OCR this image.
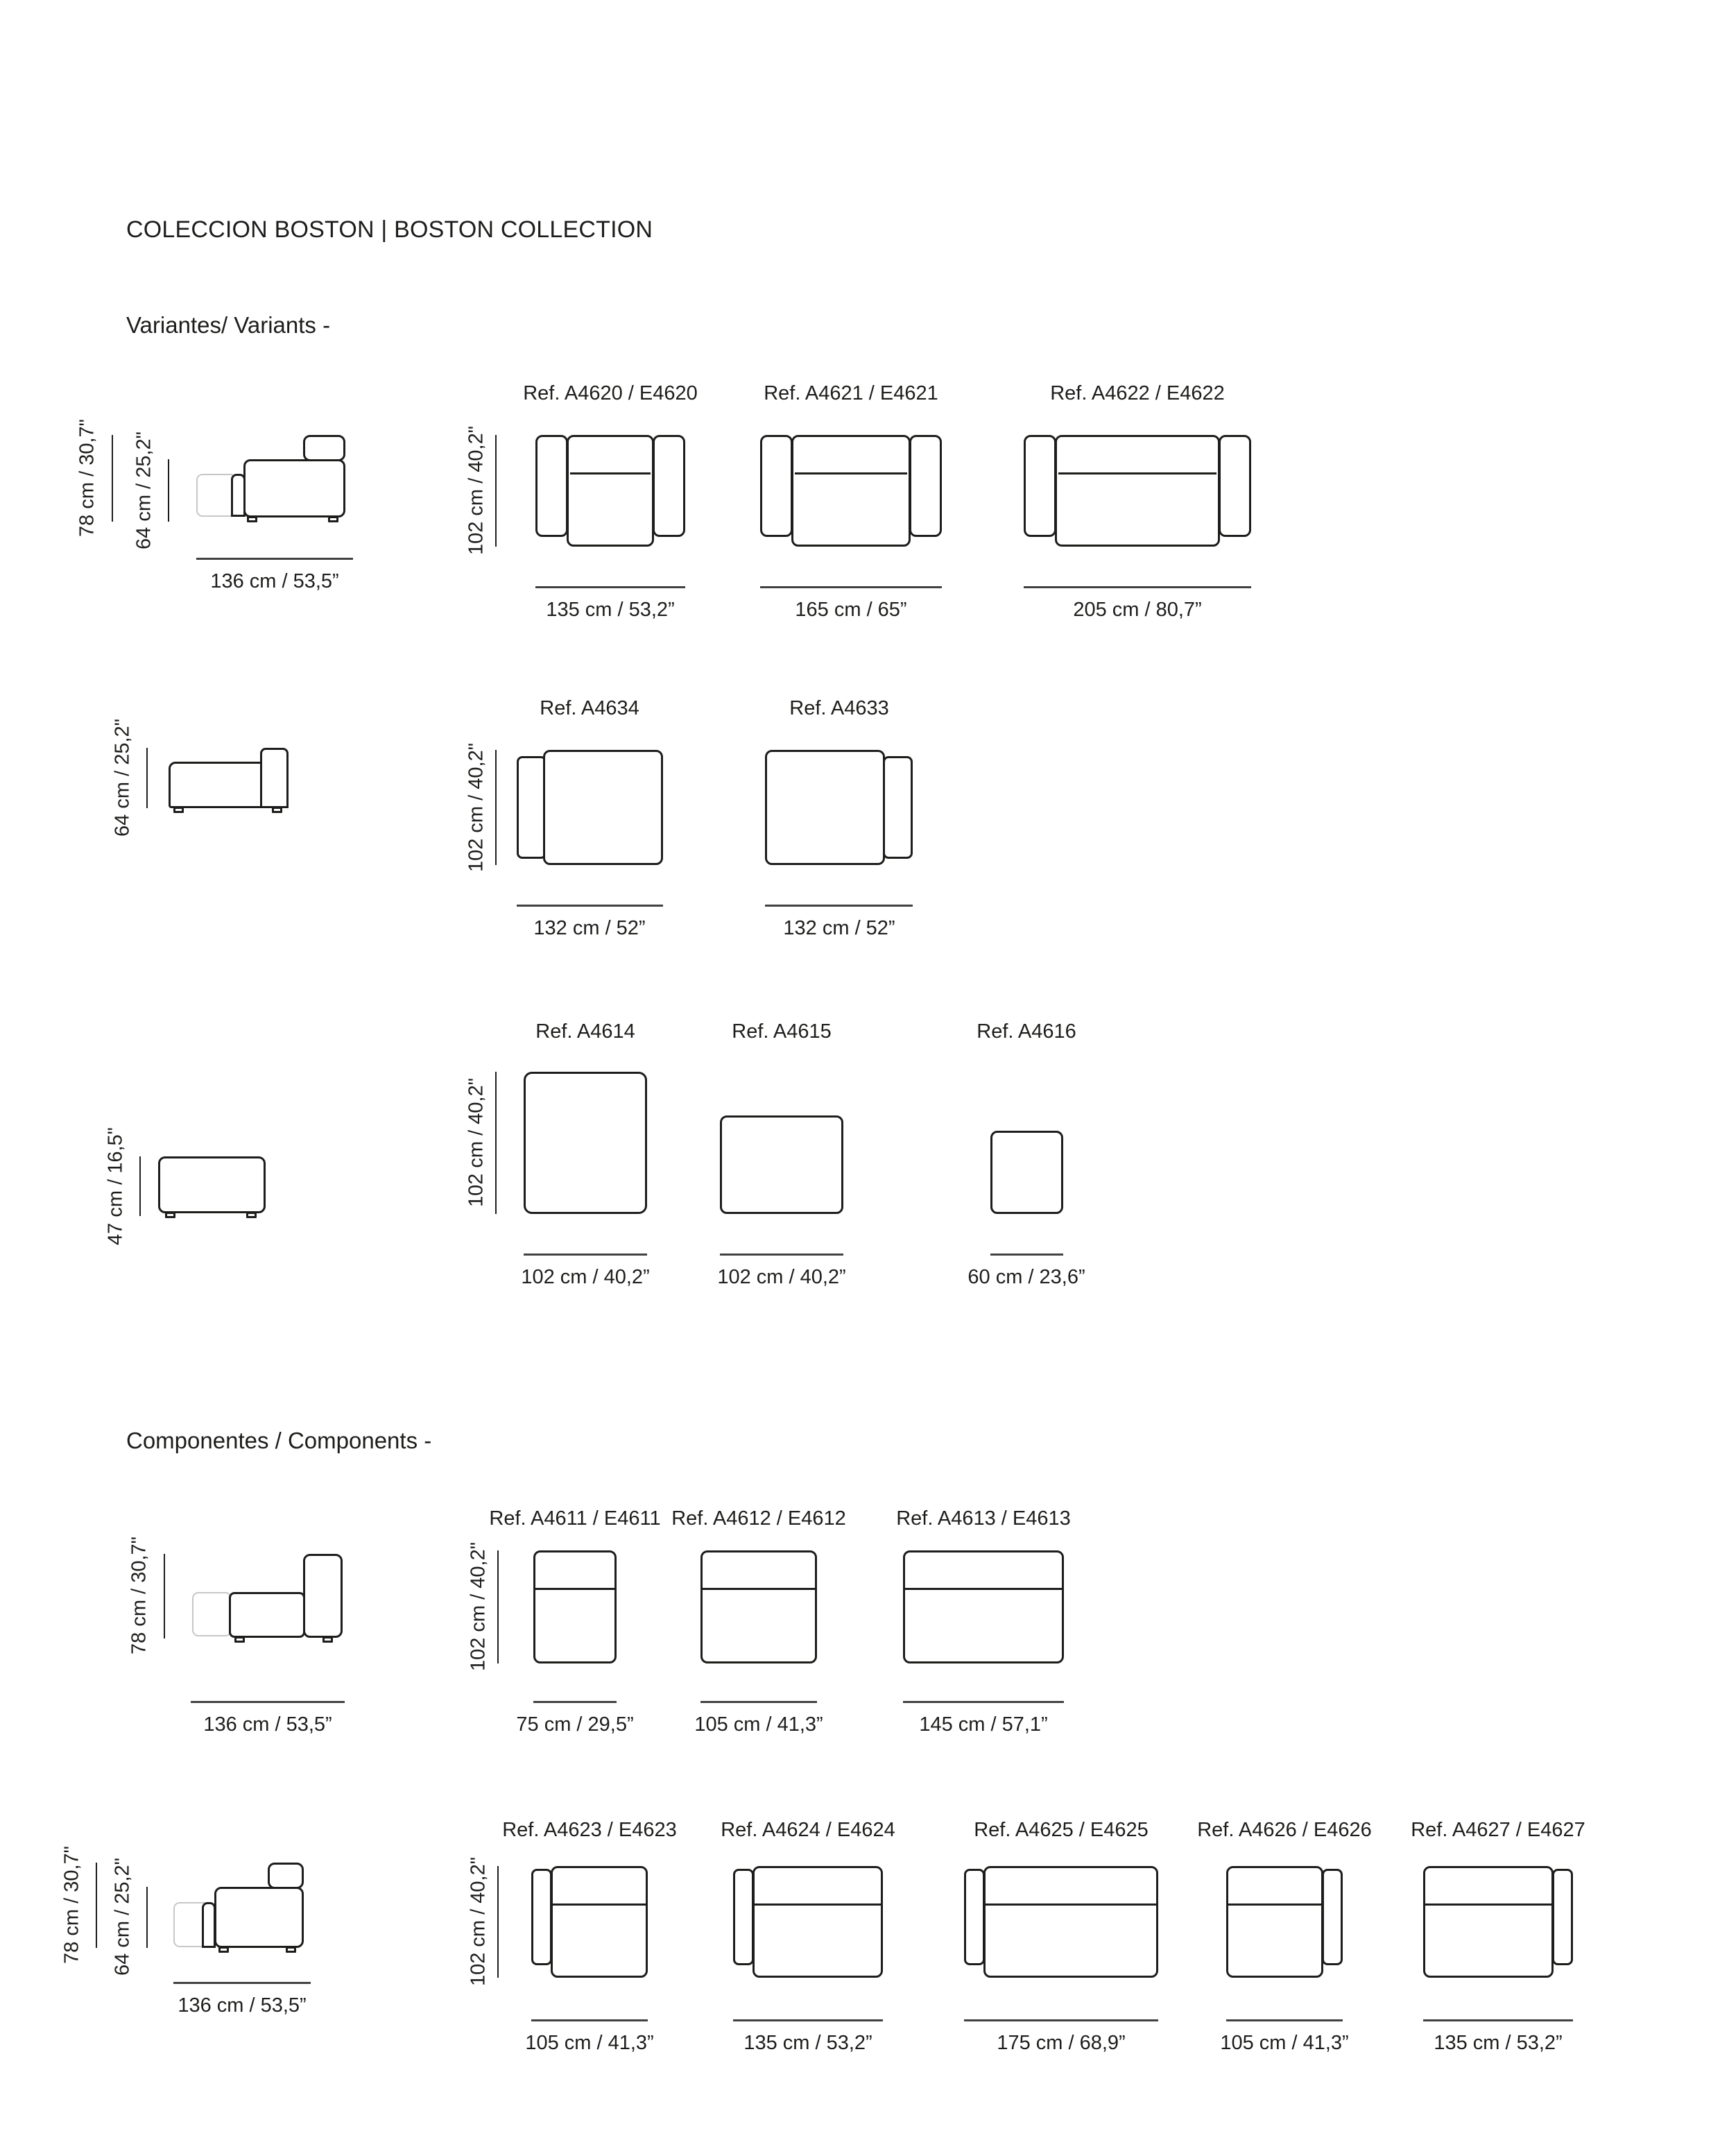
COLECCION BOSTON | BOSTON COLLECTION
Variantes/ Variants -
Componentes / Components -
78 cm / 30,7" 64 cm / 25,2"
136 cm / 53,5”
102 cm / 40,2"
Ref. A4620 / E4620
135 cm / 53,2”
Ref. A4621 / E4621
165 cm / 65”
Ref. A4622 / E4622
205 cm / 80,7”
64 cm / 25,2"	102 cm / 40,2"
Ref. A4634
132 cm / 52”
Ref. A4633
132 cm / 52”
47 cm / 16,5"	102 cm / 40,2"
Ref. A4614
102 cm / 40,2”
Ref. A4615
102 cm / 40,2”
Ref. A4616
60 cm / 23,6”
78 cm / 30,7"
136 cm / 53,5”
102 cm / 40,2"
Ref. A4611 / E4611
75 cm / 29,5”
Ref. A4612 / E4612
105 cm / 41,3”
Ref. A4613 / E4613
145 cm / 57,1”
78 cm / 30,7" 64 cm / 25,2"
136 cm / 53,5”
102 cm / 40,2"
Ref. A4623 / E4623
105 cm / 41,3”
Ref. A4624 / E4624
135 cm / 53,2”
Ref. A4625 / E4625
175 cm / 68,9”
Ref. A4626 / E4626
105 cm / 41,3”
Ref. A4627 / E4627
135 cm / 53,2”
